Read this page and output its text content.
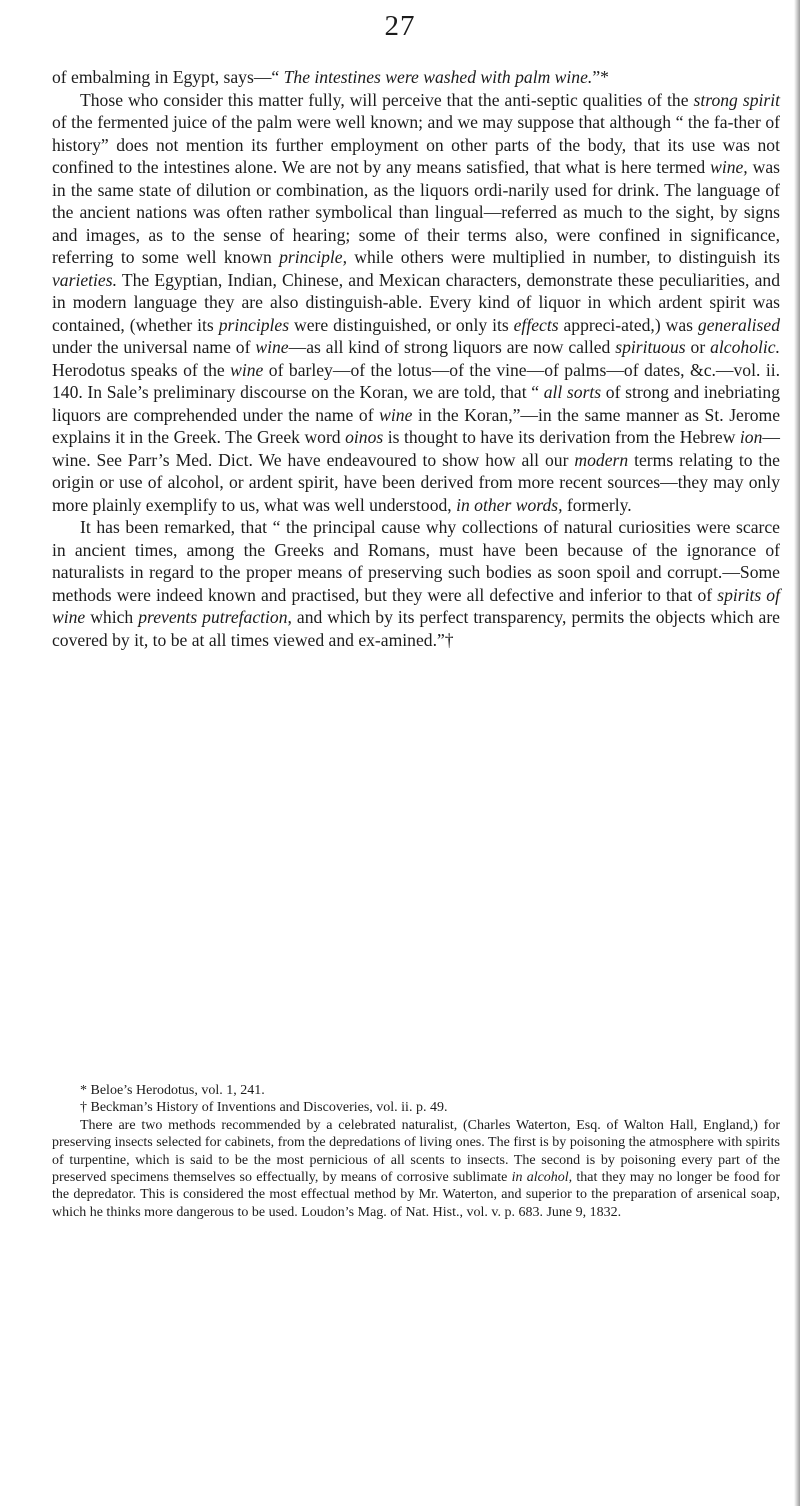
27

of embalming in Egypt, says—“ The intestines were washed with palm wine.”*

Those who consider this matter fully, will perceive that the anti-septic qualities of the strong spirit of the fermented juice of the palm were well known; and we may suppose that although “ the fa-ther of history” does not mention its further employment on other parts of the body, that its use was not confined to the intestines alone. We are not by any means satisfied, that what is here termed wine, was in the same state of dilution or combination, as the liquors ordi-narily used for drink. The language of the ancient nations was often rather symbolical than lingual—referred as much to the sight, by signs and images, as to the sense of hearing; some of their terms also, were confined in significance, referring to some well known principle, while others were multiplied in number, to distinguish its varieties. The Egyptian, Indian, Chinese, and Mexican characters, demonstrate these peculiarities, and in modern language they are also distinguish-able. Every kind of liquor in which ardent spirit was contained, (whether its principles were distinguished, or only its effects appreci-ated,) was generalised under the universal name of wine—as all kind of strong liquors are now called spirituous or alcoholic. Herodotus speaks of the wine of barley—of the lotus—of the vine—of palms—of dates, &c.—vol. ii. 140. In Sale’s preliminary discourse on the Koran, we are told, that “ all sorts of strong and inebriating liquors are comprehended under the name of wine in the Koran,”—in the same manner as St. Jerome explains it in the Greek. The Greek word oinos is thought to have its derivation from the Hebrew ion—wine. See Parr’s Med. Dict. We have endeavoured to show how all our modern terms relating to the origin or use of alcohol, or ardent spirit, have been derived from more recent sources—they may only more plainly exemplify to us, what was well understood, in other words, formerly.

It has been remarked, that “ the principal cause why collections of natural curiosities were scarce in ancient times, among the Greeks and Romans, must have been because of the ignorance of naturalists in regard to the proper means of preserving such bodies as soon spoil and corrupt.—Some methods were indeed known and practised, but they were all defective and inferior to that of spirits of wine which prevents putrefaction, and which by its perfect transparency, permits the objects which are covered by it, to be at all times viewed and ex-amined.”†

* Beloe’s Herodotus, vol. 1, 241.

† Beckman’s History of Inventions and Discoveries, vol. ii. p. 49.

There are two methods recommended by a celebrated naturalist, (Charles Waterton, Esq. of Walton Hall, England,) for preserving insects selected for cabinets, from the depredations of living ones. The first is by poisoning the atmosphere with spirits of turpentine, which is said to be the most pernicious of all scents to insects. The second is by poisoning every part of the preserved specimens themselves so effectually, by means of corrosive sublimate in alcohol, that they may no longer be food for the depredator. This is considered the most effectual method by Mr. Waterton, and superior to the preparation of arsenical soap, which he thinks more dangerous to be used. Loudon’s Mag. of Nat. Hist., vol. v. p. 683. June 9, 1832.
